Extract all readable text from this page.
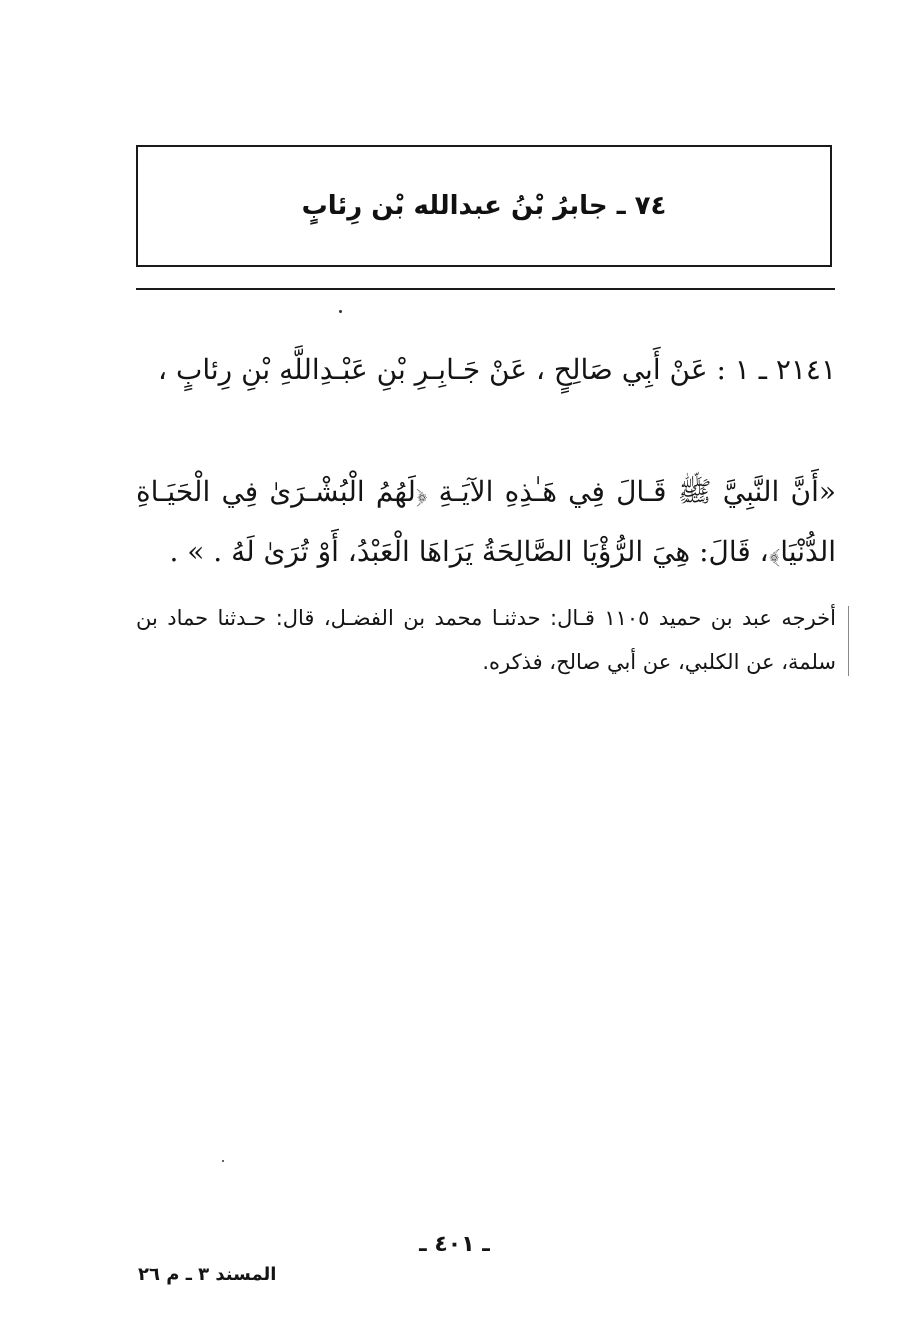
٧٤ ـ جابرُ بْنُ عبدالله بْن رِئابٍ

٢١٤١ ـ ١ : عَنْ أَبِي صَالِحٍ ، عَنْ جَـابِـرِ بْنِ عَبْـدِاللَّهِ بْنِ رِئابٍ ،

«أَنَّ النَّبِيَّ ﷺ قَـالَ فِي هَـٰذِهِ الآيَـةِ ﴿لَهُمُ الْبُشْـرَىٰ فِي الْحَيَـاةِ الدُّنْيَا﴾، قَالَ: هِيَ الرُّؤْيَا الصَّالِحَةُ يَرَاهَا الْعَبْدُ، أَوْ تُرَىٰ لَهُ . » .

أخرجه عبد بن حميد ١١٠٥ قـال: حدثنـا محمد بن الفضـل، قال: حـدثنا حماد بن سلمة، عن الكلبي، عن أبي صالح، فذكره.

ـ ٤٠١ ـ
المسند ٣ ـ م ٢٦
